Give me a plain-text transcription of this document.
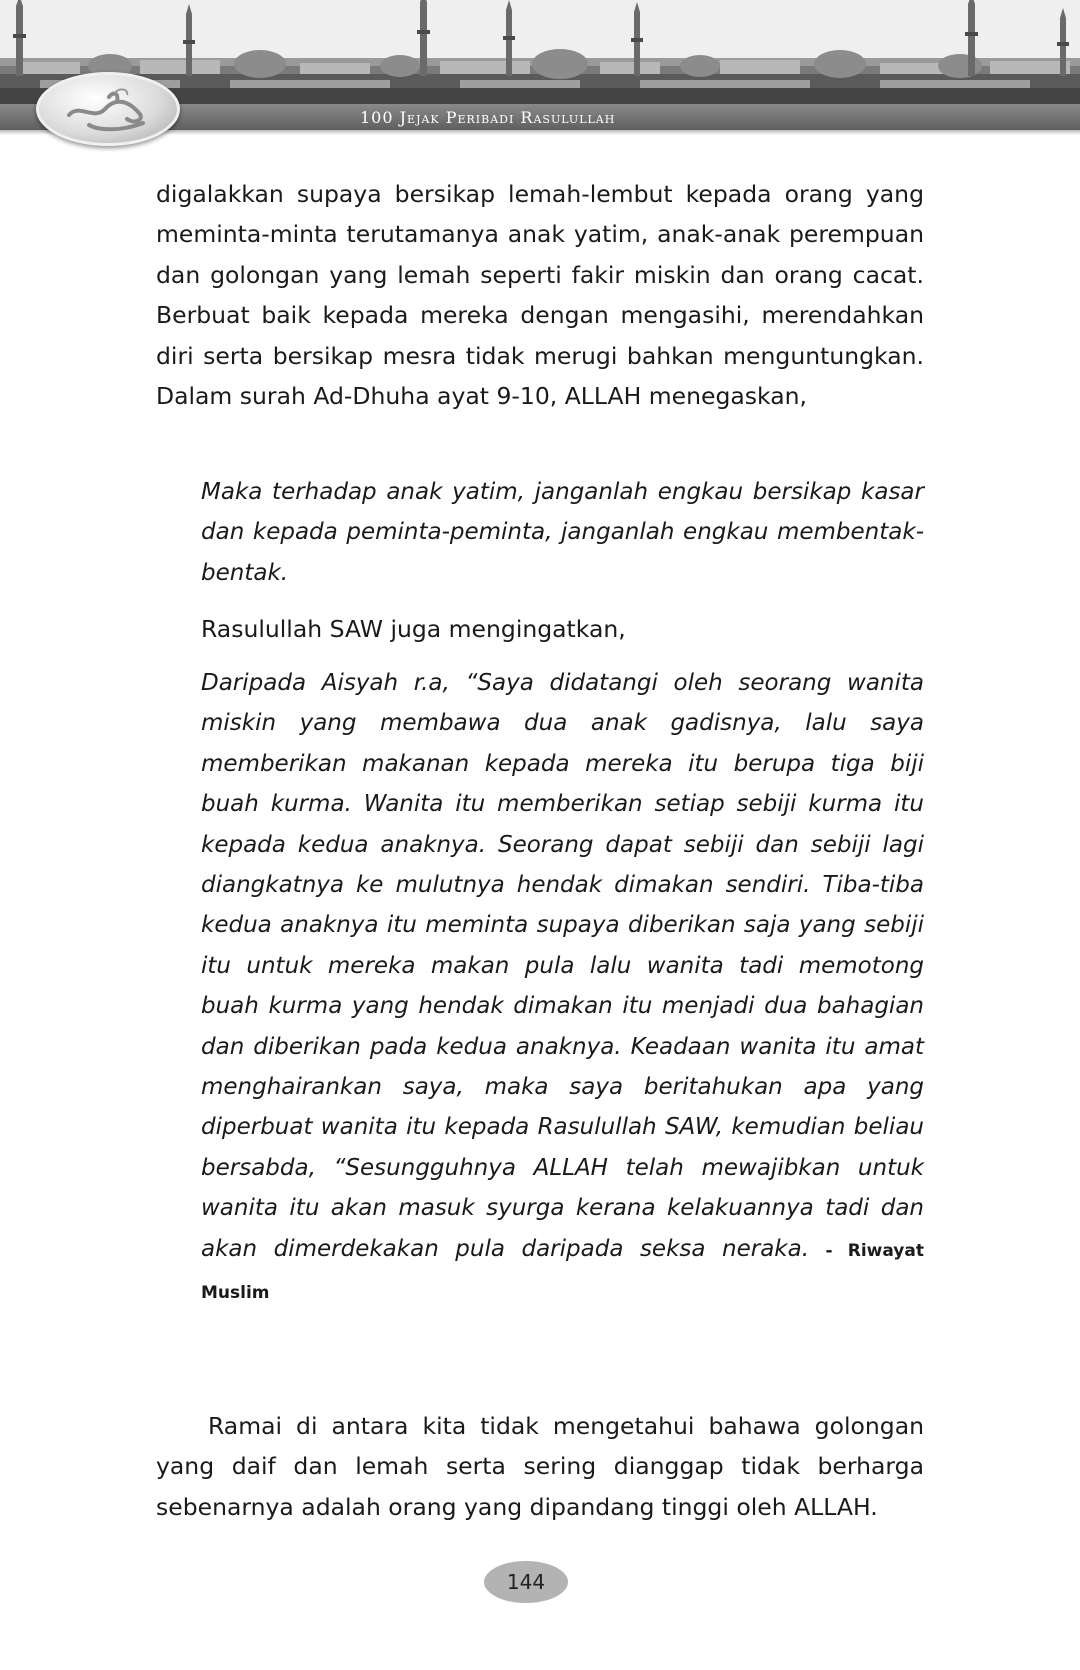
100 Jejak Peribadi Rasulullah
digalakkan supaya bersikap lemah-lembut kepada orang yang meminta-minta terutamanya anak yatim, anak-anak perempuan dan golongan yang lemah seperti fakir miskin dan orang cacat. Berbuat baik kepada mereka dengan mengasihi, merendahkan diri serta bersikap mesra tidak merugi bahkan menguntungkan. Dalam surah Ad-Dhuha ayat 9-10, ALLAH menegaskan,
Maka terhadap anak yatim, janganlah engkau bersikap kasar dan kepada peminta-peminta, janganlah engkau membentak-bentak.
Rasulullah SAW juga mengingatkan,
Daripada Aisyah r.a, “Saya didatangi oleh seorang wanita miskin yang membawa dua anak gadisnya, lalu saya memberikan makanan kepada mereka itu berupa tiga biji buah kurma. Wanita itu memberikan setiap sebiji kurma itu kepada kedua anaknya. Seorang dapat sebiji dan sebiji lagi diangkatnya ke mulutnya hendak dimakan sendiri. Tiba-tiba kedua anaknya itu meminta supaya diberikan saja yang sebiji itu untuk mereka makan pula lalu wanita tadi memotong buah kurma yang hendak dimakan itu menjadi dua bahagian dan diberikan pada kedua anaknya. Keadaan wanita itu amat menghairankan saya, maka saya beritahukan apa yang diperbuat wanita itu kepada Rasulullah SAW, kemudian beliau bersabda, “Sesungguhnya ALLAH telah mewajibkan untuk wanita itu akan masuk syurga kerana kelakuannya tadi dan akan dimerdekakan pula daripada seksa neraka. - Riwayat Muslim
Ramai di antara kita tidak mengetahui bahawa golongan yang daif dan lemah serta sering dianggap tidak berharga sebenarnya adalah orang yang dipandang tinggi oleh ALLAH.
144
